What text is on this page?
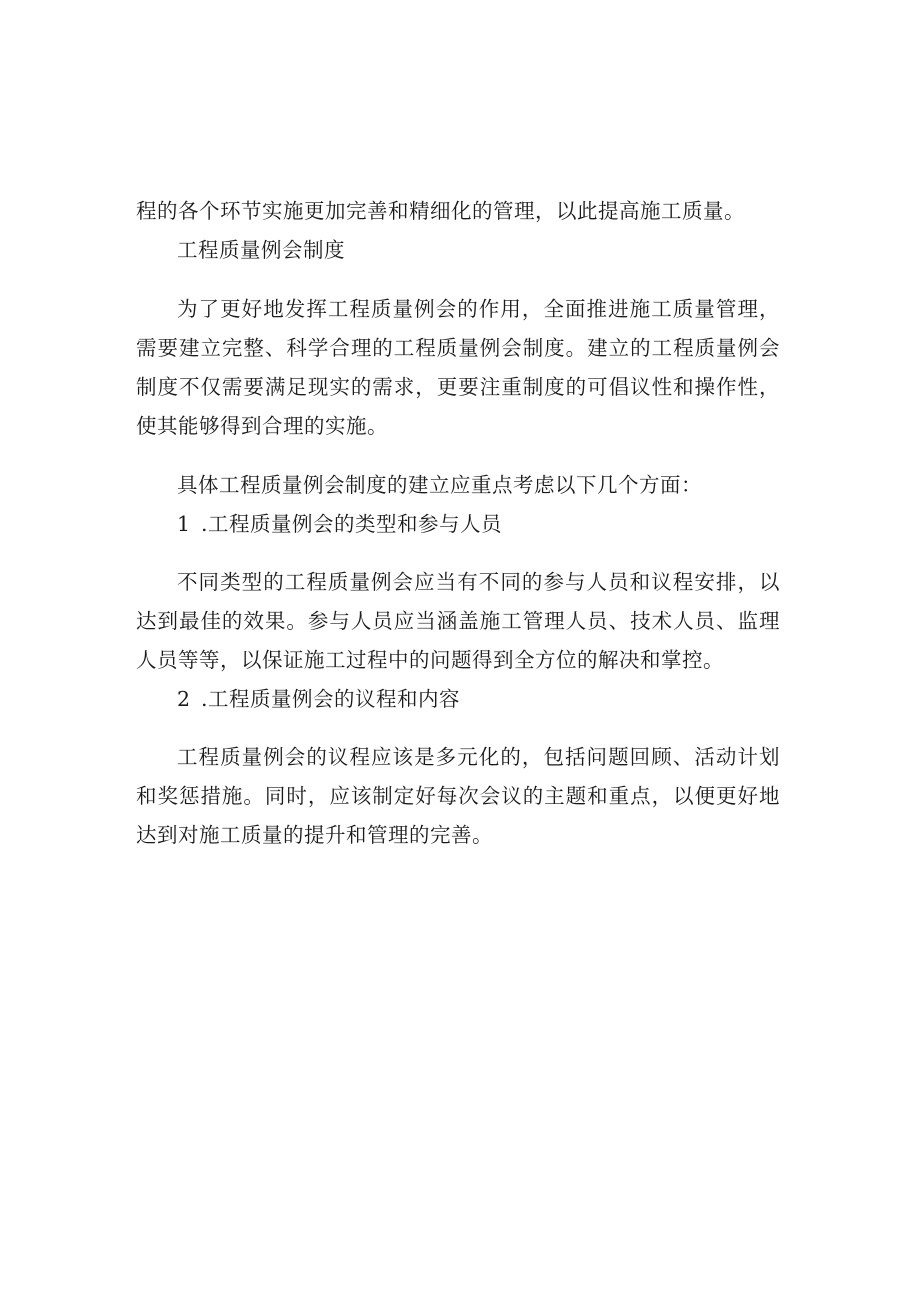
程的各个环节实施更加完善和精细化的管理，以此提高施工质量。

工程质量例会制度

为了更好地发挥工程质量例会的作用，全面推进施工质量管理，需要建立完整、科学合理的工程质量例会制度。建立的工程质量例会制度不仅需要满足现实的需求，更要注重制度的可倡议性和操作性，使其能够得到合理的实施。

具体工程质量例会制度的建立应重点考虑以下几个方面：

1 .工程质量例会的类型和参与人员

不同类型的工程质量例会应当有不同的参与人员和议程安排，以达到最佳的效果。参与人员应当涵盖施工管理人员、技术人员、监理人员等等，以保证施工过程中的问题得到全方位的解决和掌控。

2 .工程质量例会的议程和内容

工程质量例会的议程应该是多元化的，包括问题回顾、活动计划和奖惩措施。同时，应该制定好每次会议的主题和重点，以便更好地达到对施工质量的提升和管理的完善。
